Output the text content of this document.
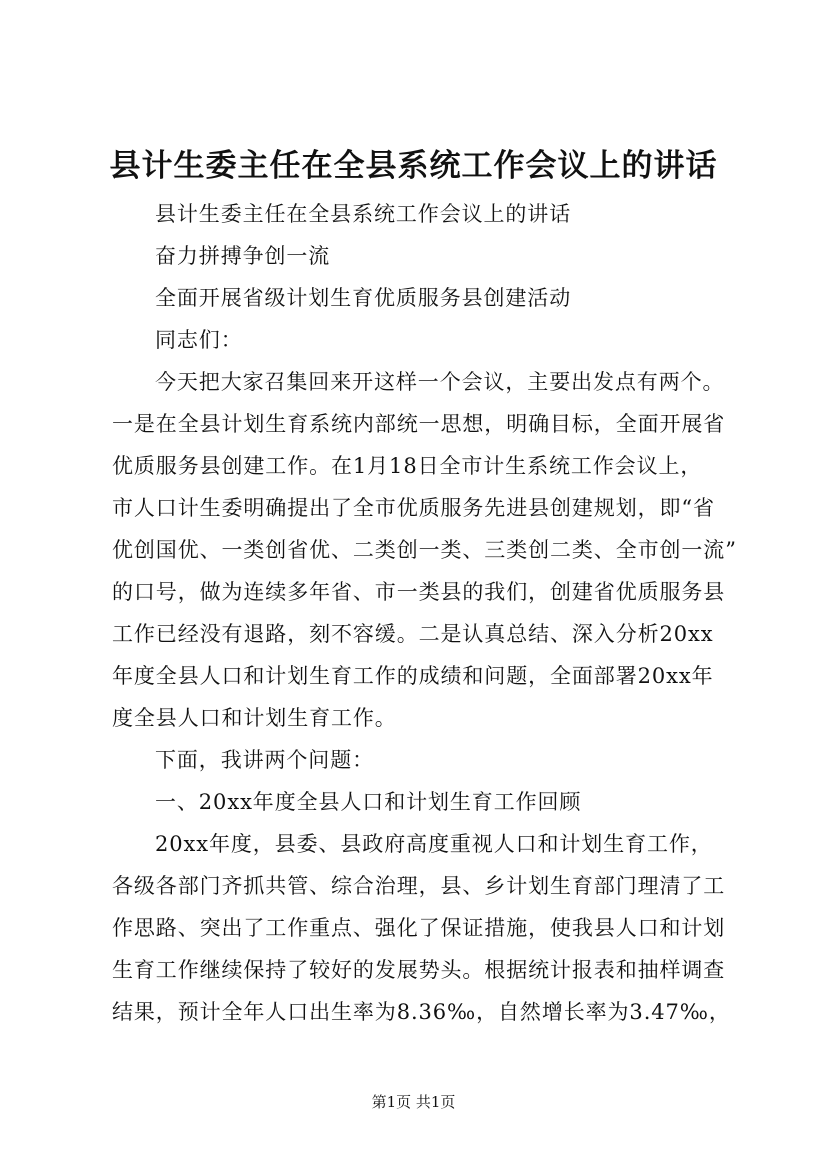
县计生委主任在全县系统工作会议上的讲话
县计生委主任在全县系统工作会议上的讲话
奋力拼搏争创一流
全面开展省级计划生育优质服务县创建活动
同志们：
今天把大家召集回来开这样一个会议，主要出发点有两个。
一是在全县计划生育系统内部统一思想，明确目标，全面开展省
优质服务县创建工作。在1月18日全市计生系统工作会议上，
市人口计生委明确提出了全市优质服务先进县创建规划，即“省
优创国优、一类创省优、二类创一类、三类创二类、全市创一流”
的口号，做为连续多年省、市一类县的我们，创建省优质服务县
工作已经没有退路，刻不容缓。二是认真总结、深入分析20xx
年度全县人口和计划生育工作的成绩和问题，全面部署20xx年
度全县人口和计划生育工作。
下面，我讲两个问题：
一、20xx年度全县人口和计划生育工作回顾
20xx年度，县委、县政府高度重视人口和计划生育工作，
各级各部门齐抓共管、综合治理，县、乡计划生育部门理清了工
作思路、突出了工作重点、强化了保证措施，使我县人口和计划
生育工作继续保持了较好的发展势头。根据统计报表和抽样调查
结果，预计全年人口出生率为8.36‰，自然增长率为3.47‰，
第1页 共1页
